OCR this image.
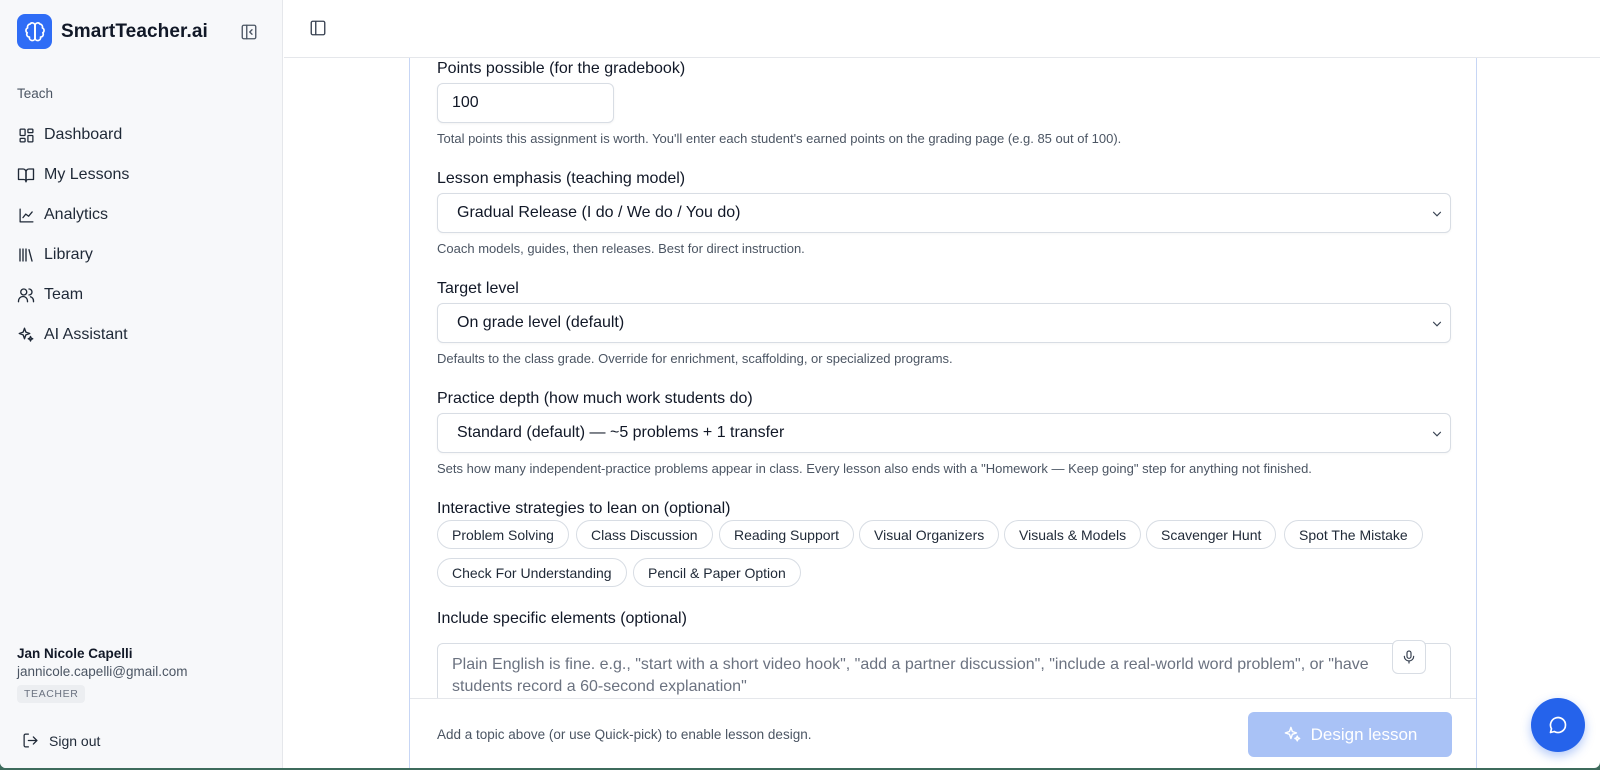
SmartTeacher.ai
Teach
Dashboard
My Lessons
Analytics
Library
Team
AI Assistant
Jan Nicole Capelli
jannicole.capelli@gmail.com
TEACHER
Sign out
Points possible (for the gradebook)
100
Total points this assignment is worth. You'll enter each student's earned points on the grading page (e.g. 85 out of 100).
Lesson emphasis (teaching model)
Gradual Release (I do / We do / You do)
Coach models, guides, then releases. Best for direct instruction.
Target level
On grade level (default)
Defaults to the class grade. Override for enrichment, scaffolding, or specialized programs.
Practice depth (how much work students do)
Standard (default) — ~5 problems + 1 transfer
Sets how many independent-practice problems appear in class. Every lesson also ends with a "Homework — Keep going" step for anything not finished.
Interactive strategies to lean on (optional)
Problem Solving	Class Discussion	Reading Support	Visual Organizers	Visuals & Models	Scavenger Hunt	Spot The Mistake
Check For Understanding	Pencil & Paper Option
Include specific elements (optional)
Plain English is fine. e.g., "start with a short video hook", "add a partner discussion", "include a real-world word problem", or "have students record a 60-second explanation"
Add a topic above (or use Quick-pick) to enable lesson design.	Design lesson
